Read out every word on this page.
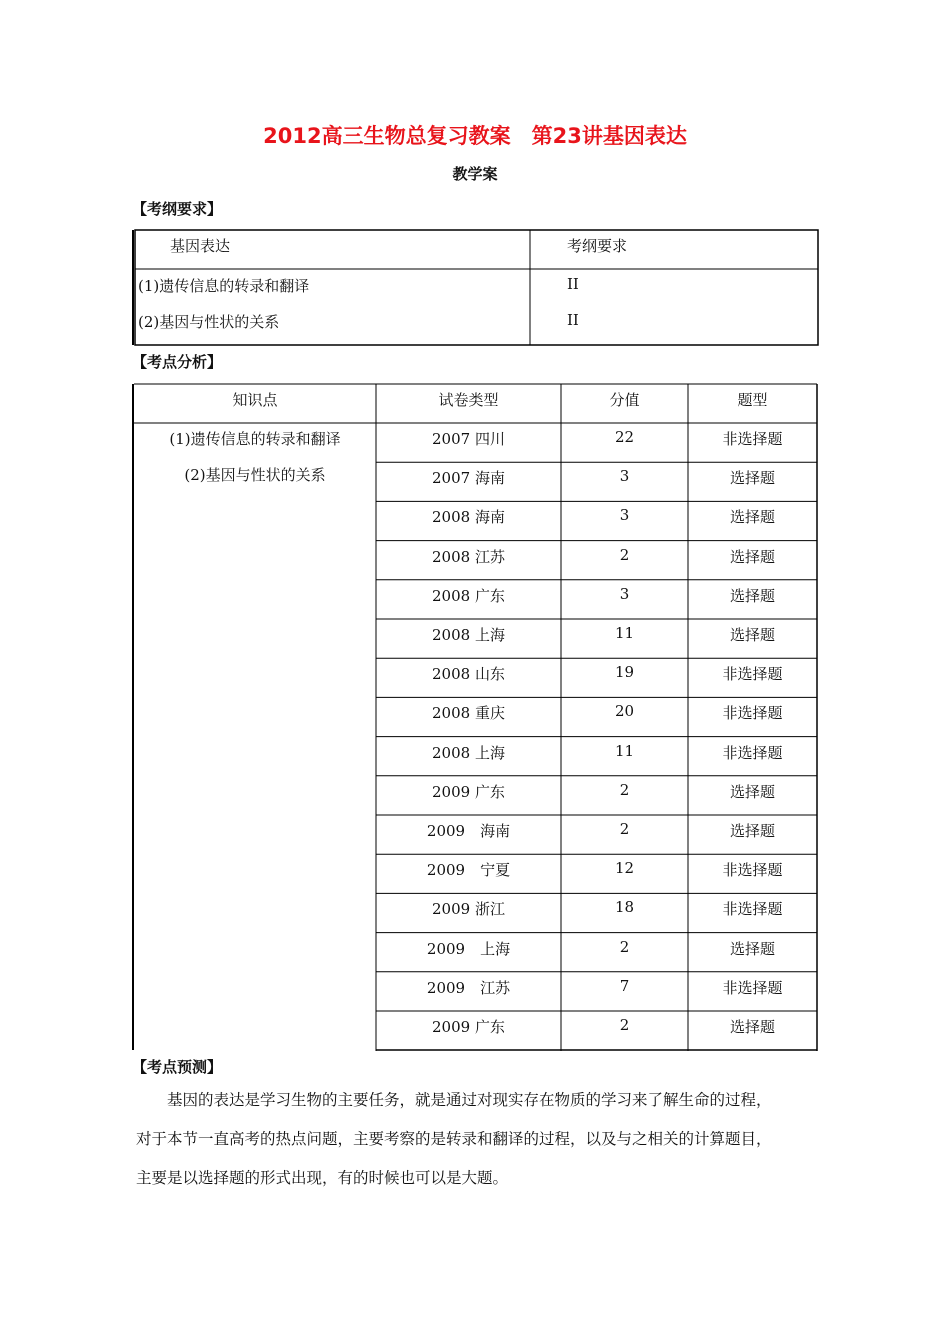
2012高三生物总复习教案　第23讲基因表达
教学案
【考纲要求】
基因表达	考纲要求
(1)遗传信息的转录和翻译	II
(2)基因与性状的关系	II
【考点分析】
知识点	试卷类型	分值	题型
(1)遗传信息的转录和翻译
(2)基因与性状的关系
2007 四川	22	非选择题
2007 海南	3	选择题
2008 海南	3	选择题
2008 江苏	2	选择题
2008 广东	3	选择题
2008 上海	11	选择题
2008 山东	19	非选择题
2008 重庆	20	非选择题
2008 上海	11	非选择题
2009 广东	2	选择题
2009　海南	2	选择题
2009　宁夏	12	非选择题
2009 浙江	18	非选择题
2009　上海	2	选择题
2009　江苏	7	非选择题
2009 广东	2	选择题
【考点预测】

基因的表达是学习生物的主要任务，就是通过对现实存在物质的学习来了解生命的过程，

对于本节一直高考的热点问题，主要考察的是转录和翻译的过程，以及与之相关的计算题目，

主要是以选择题的形式出现，有的时候也可以是大题。
